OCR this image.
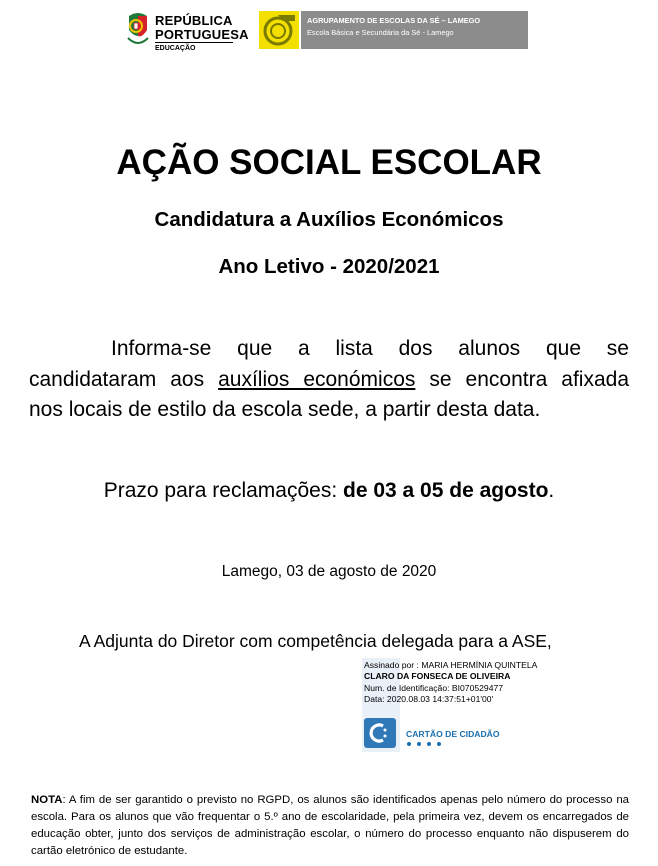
REPÚBLICA
PORTUGUESA
EDUCAÇÃO
AGRUPAMENTO DE ESCOLAS DA SÉ – LAMEGO
Escola Básica e Secundária da Sé - Lamego
AÇÃO SOCIAL ESCOLAR
Candidatura a Auxílios Económicos
Ano Letivo - 2020/2021
Informa-se que a lista dos alunos que se
candidataram aos auxílios económicos se encontra afixada
nos locais de estilo da escola sede, a partir desta data.
Prazo para reclamações: de 03 a 05 de agosto.
Lamego, 03 de agosto de 2020
A Adjunta do Diretor com competência delegada para a ASE,
Assinado por : MARIA HERMÍNIA QUINTELA
CLARO DA FONSECA DE OLIVEIRA
Num. de Identificação: BI070529477
Data: 2020.08.03 14:37:51+01'00'
CARTÃO DE CIDADÃO
NOTA: A fim de ser garantido o previsto no RGPD, os alunos são identificados apenas pelo número do processo na escola. Para os alunos que vão frequentar o 5.º ano de escolaridade, pela primeira vez, devem os encarregados de educação obter, junto dos serviços de administração escolar, o número do processo enquanto não dispuserem do cartão eletrónico de estudante.
